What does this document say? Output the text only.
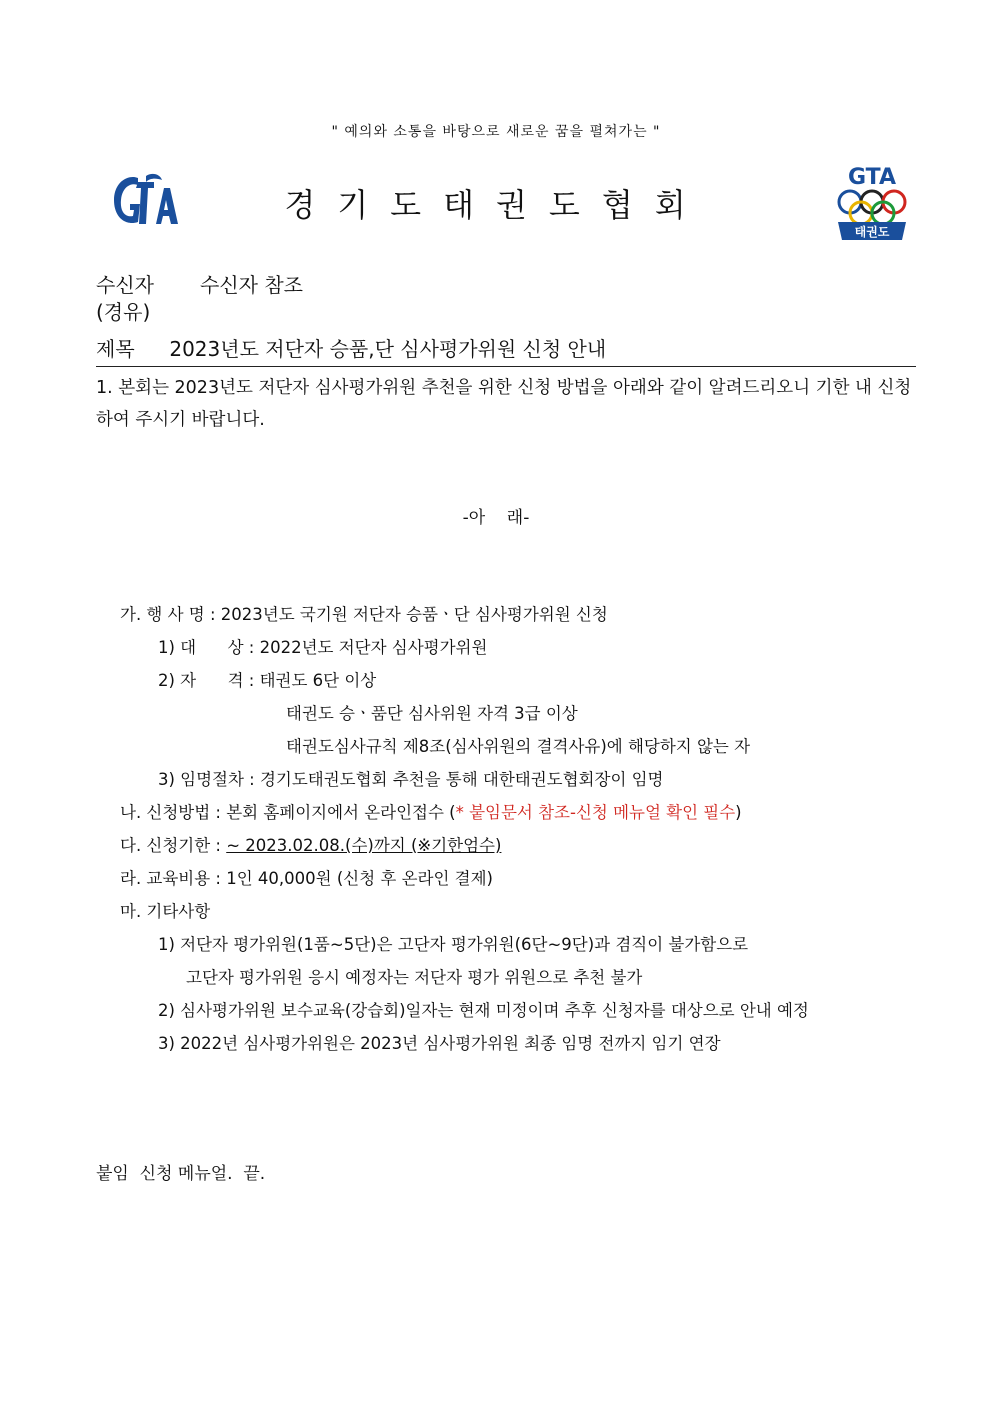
" 예의와 소통을 바탕으로 새로운 꿈을 펼쳐가는 "
경기도태권도협회
GTA
태권도
수신자 수신자 참조
(경유)
제목 2023년도 저단자 승품,단 심사평가위원 신청 안내
1. 본회는 2023년도 저단자 심사평가위원 추천을 위한 신청 방법을 아래와 같이 알려드리오니 기한 내 신청하여 주시기 바랍니다.
-아    래-
가. 행 사 명 : 2023년도 국기원 저단자 승품ㆍ단 심사평가위원 신청
1) 대      상 : 2022년도 저단자 심사평가위원
2) 자      격 : 태권도 6단 이상
태권도 승ㆍ품단 심사위원 자격 3급 이상
태권도심사규칙 제8조(심사위원의 결격사유)에 해당하지 않는 자
3) 임명절차 : 경기도태권도협회 추천을 통해 대한태권도협회장이 임명
나. 신청방법 : 본회 홈페이지에서 온라인접수 (* 붙임문서 참조-신청 메뉴얼 확인 필수)
다. 신청기한 : ~ 2023.02.08.(수)까지 (※기한엄수)
라. 교육비용 : 1인 40,000원 (신청 후 온라인 결제)
마. 기타사항
1) 저단자 평가위원(1품~5단)은 고단자 평가위원(6단~9단)과 겸직이 불가함으로
고단자 평가위원 응시 예정자는 저단자 평가 위원으로 추천 불가
2) 심사평가위원 보수교육(강습회)일자는 현재 미정이며 추후 신청자를 대상으로 안내 예정
3) 2022년 심사평가위원은 2023년 심사평가위원 최종 임명 전까지 임기 연장
붙임  신청 메뉴얼.  끝.
